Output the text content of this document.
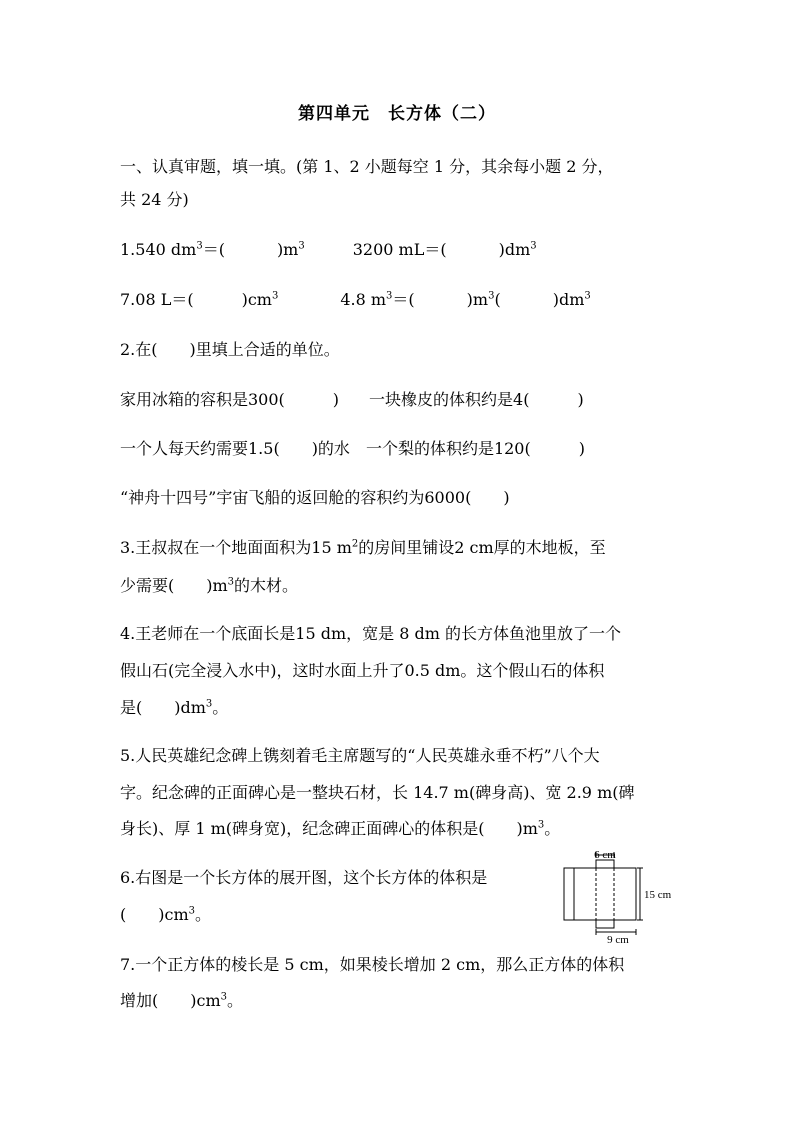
第四单元　长方体（二）
一、认真审题，填一填。(第 1、2 小题每空 1 分，其余每小题 2 分，
共 24 分)
1.540 $dm^3=$(	)$m^3$	3200 mL＝(	)$dm^3$
7.08 L＝(	)$cm^3$	4.8 $m^3=$(	)$m^3$(	)$dm^3$
2.在(　　)里填上合适的单位。
家用冰箱的容积是300(　　　) 一块橡皮的体积约是4(　　　)
一个人每天约需要1.5(　　)的水 一个梨的体积约是120(　　　)
“神舟十四号”宇宙飞船的返回舱的容积约为6000(　　)
3.王叔叔在一个地面面积为15 $m^2$的房间里铺设2 cm厚的木地板，至
少需要(　　)$m^3$的木材。
4.王老师在一个底面长是15 dm，宽是 8 dm 的长方体鱼池里放了一个
假山石(完全浸入水中)，这时水面上升了0.5 dm。这个假山石的体积
是(　　)$dm^3$。
5.人民英雄纪念碑上镌刻着毛主席题写的“人民英雄永垂不朽”八个大
字。纪念碑的正面碑心是一整块石材，长 14.7 m(碑身高)、宽 2.9 m(碑
身长)、厚 1 m(碑身宽)，纪念碑正面碑心的体积是(　　)$m^3$。
6.右图是一个长方体的展开图，这个长方体的体积是
(　　)$cm^3$。
6 cm
15 cm
9 cm
7.一个正方体的棱长是 5 cm，如果棱长增加 2 cm，那么正方体的体积
增加(　　)$cm^3$。
